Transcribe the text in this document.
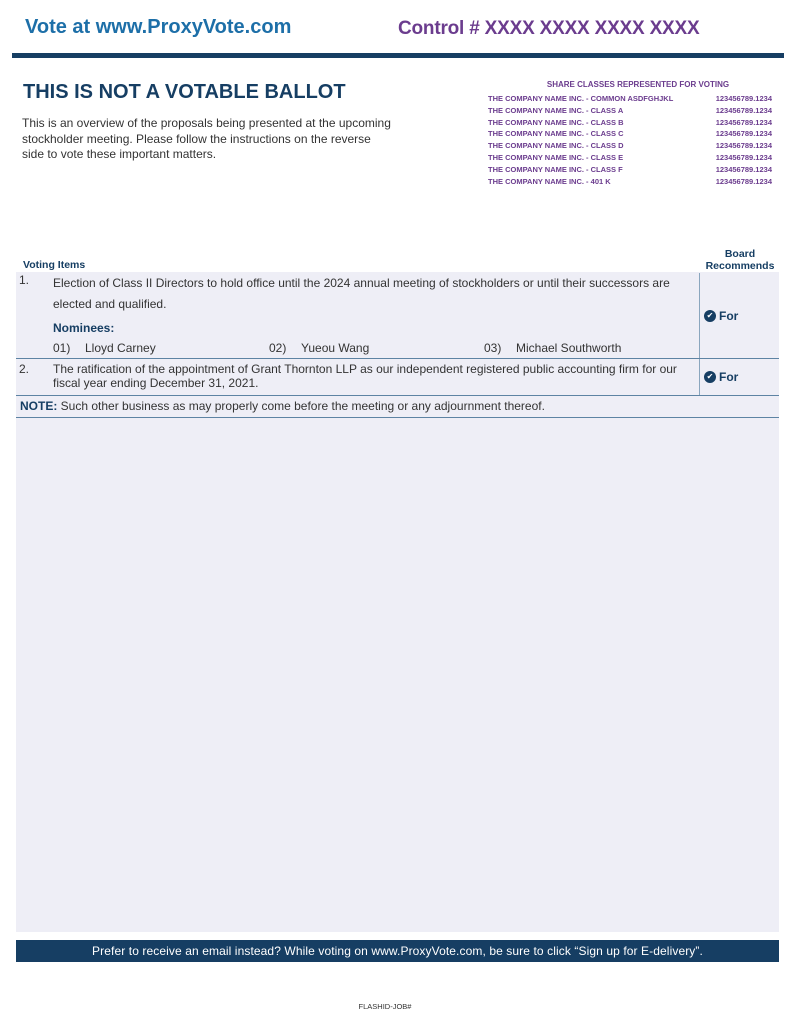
Vote at www.ProxyVote.com	Control # XXXX XXXX XXXX XXXX
THIS IS NOT A VOTABLE BALLOT
This is an overview of the proposals being presented at the upcoming stockholder meeting. Please follow the instructions on the reverse side to vote these important matters.
SHARE CLASSES REPRESENTED FOR VOTING
THE COMPANY NAME INC. - COMMON ASDFGHJKL	123456789.1234
THE COMPANY NAME INC. - CLASS A	123456789.1234
THE COMPANY NAME INC. - CLASS B	123456789.1234
THE COMPANY NAME INC. - CLASS C	123456789.1234
THE COMPANY NAME INC. - CLASS D	123456789.1234
THE COMPANY NAME INC. - CLASS E	123456789.1234
THE COMPANY NAME INC. - CLASS F	123456789.1234
THE COMPANY NAME INC. - 401 K	123456789.1234
Voting Items
Board Recommends
1. Election of Class II Directors to hold office until the 2024 annual meeting of stockholders or until their successors are elected and qualified.
Nominees:
01) Lloyd Carney	02) Yueou Wang	03) Michael Southworth
✔ For
2. The ratification of the appointment of Grant Thornton LLP as our independent registered public accounting firm for our fiscal year ending December 31, 2021.	✔ For
NOTE: Such other business as may properly come before the meeting or any adjournment thereof.
Prefer to receive an email instead? While voting on www.ProxyVote.com, be sure to click “Sign up for E-delivery”.
FLASHID-JOB#
